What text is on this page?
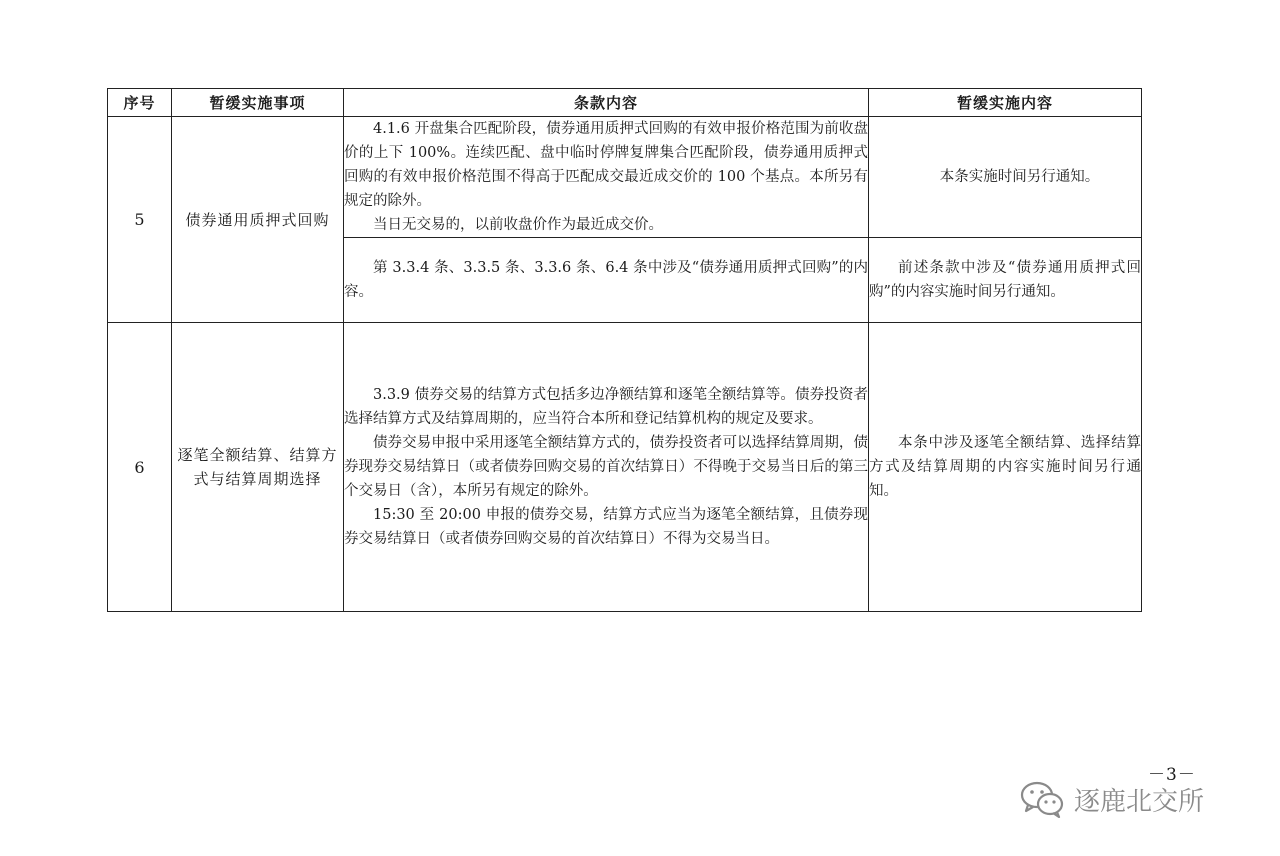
序号	暂缓实施事项	条款内容	暂缓实施内容
5	债券通用质押式回购	4.1.6 开盘集合匹配阶段，债券通用质押式回购的有效申报价格范围为前收盘价的上下 100%。连续匹配、盘中临时停牌复牌集合匹配阶段，债券通用质押式回购的有效申报价格范围不得高于匹配成交最近成交价的 100 个基点。本所另有规定的除外。

当日无交易的，以前收盘价作为最近成交价。	本条实施时间另行通知。

		第 3.3.4 条、3.3.5 条、3.3.6 条、6.4 条中涉及“债券通用质押式回购”的内容。	前述条款中涉及“债券通用质押式回购”的内容实施时间另行通知。

6	逐笔全额结算、结算方式与结算周期选择	3.3.9 债券交易的结算方式包括多边净额结算和逐笔全额结算等。债券投资者选择结算方式及结算周期的，应当符合本所和登记结算机构的规定及要求。

债券交易申报中采用逐笔全额结算方式的，债券投资者可以选择结算周期，债券现券交易结算日（或者债券回购交易的首次结算日）不得晚于交易当日后的第三个交易日（含），本所另有规定的除外。

15:30 至 20:00 申报的债券交易，结算方式应当为逐笔全额结算，且债券现券交易结算日（或者债券回购交易的首次结算日）不得为交易当日。	本条中涉及逐笔全额结算、选择结算方式及结算周期的内容实施时间另行通知。

－3－
逐鹿北交所
